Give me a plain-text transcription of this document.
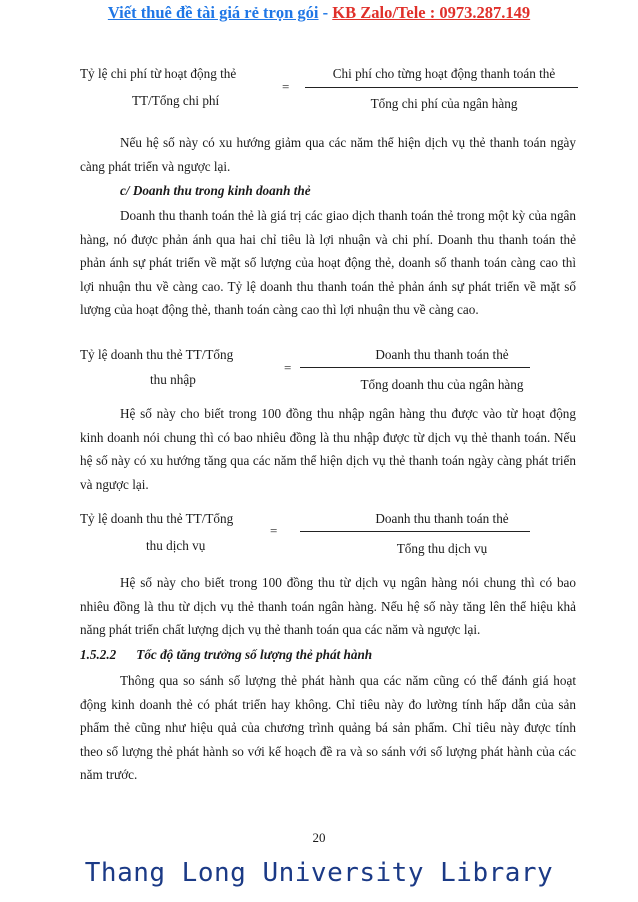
Viết thuê đề tài giá rẻ trọn gói - KB Zalo/Tele : 0973.287.149
Tỷ lệ chi phí từ hoạt động thẻ
TT/Tổng chi phí
=
Chi phí cho từng hoạt động thanh toán thẻ
Tổng chi phí của ngân hàng
Nếu hệ số này có xu hướng giảm qua các năm thể hiện dịch vụ thẻ thanh toán ngày càng phát triển và ngược lại.
c/ Doanh thu trong kinh doanh thẻ
Doanh thu thanh toán thẻ là giá trị các giao dịch thanh toán thẻ trong một kỳ của ngân hàng, nó được phản ánh qua hai chỉ tiêu là lợi nhuận và chi phí. Doanh thu thanh toán thẻ phản ánh sự phát triển về mặt số lượng của hoạt động thẻ, doanh số thanh toán càng cao thì lợi nhuận thu về càng cao. Tỷ lệ doanh thu thanh toán thẻ phản ánh sự phát triển về mặt số lượng của hoạt động thẻ, thanh toán càng cao thì lợi nhuận thu về càng cao.
Tỷ lệ doanh thu thẻ TT/Tổng
thu nhập
=
Doanh thu thanh toán thẻ
Tổng doanh thu của ngân hàng
Hệ số này cho biết trong 100 đồng thu nhập ngân hàng thu được vào từ hoạt động kinh doanh nói chung thì có bao nhiêu đồng là thu nhập được từ dịch vụ thẻ thanh toán. Nếu hệ số này có xu hướng tăng qua các năm thể hiện dịch vụ thẻ thanh toán ngày càng phát triển và ngược lại.
Tỷ lệ doanh thu thẻ TT/Tổng
thu dịch vụ
=
Doanh thu thanh toán thẻ
Tổng thu dịch vụ
Hệ số này cho biết trong 100 đồng thu từ dịch vụ ngân hàng nói chung thì có bao nhiêu đồng là thu từ dịch vụ thẻ thanh toán ngân hàng. Nếu hệ số này tăng lên thể hiệu khả năng phát triển chất lượng dịch vụ thẻ thanh toán qua các năm và ngược lại.
1.5.2.2 Tốc độ tăng trưởng số lượng thẻ phát hành
Thông qua so sánh số lượng thẻ phát hành qua các năm cũng có thể đánh giá hoạt động kinh doanh thẻ có phát triển hay không. Chỉ tiêu này đo lường tính hấp dẫn của sản phẩm thẻ cũng như hiệu quả của chương trình quảng bá sản phẩm. Chỉ tiêu này được tính theo số lượng thẻ phát hành so với kế hoạch đề ra và so sánh với số lượng phát hành của các năm trước.
20
Thang Long University Library
